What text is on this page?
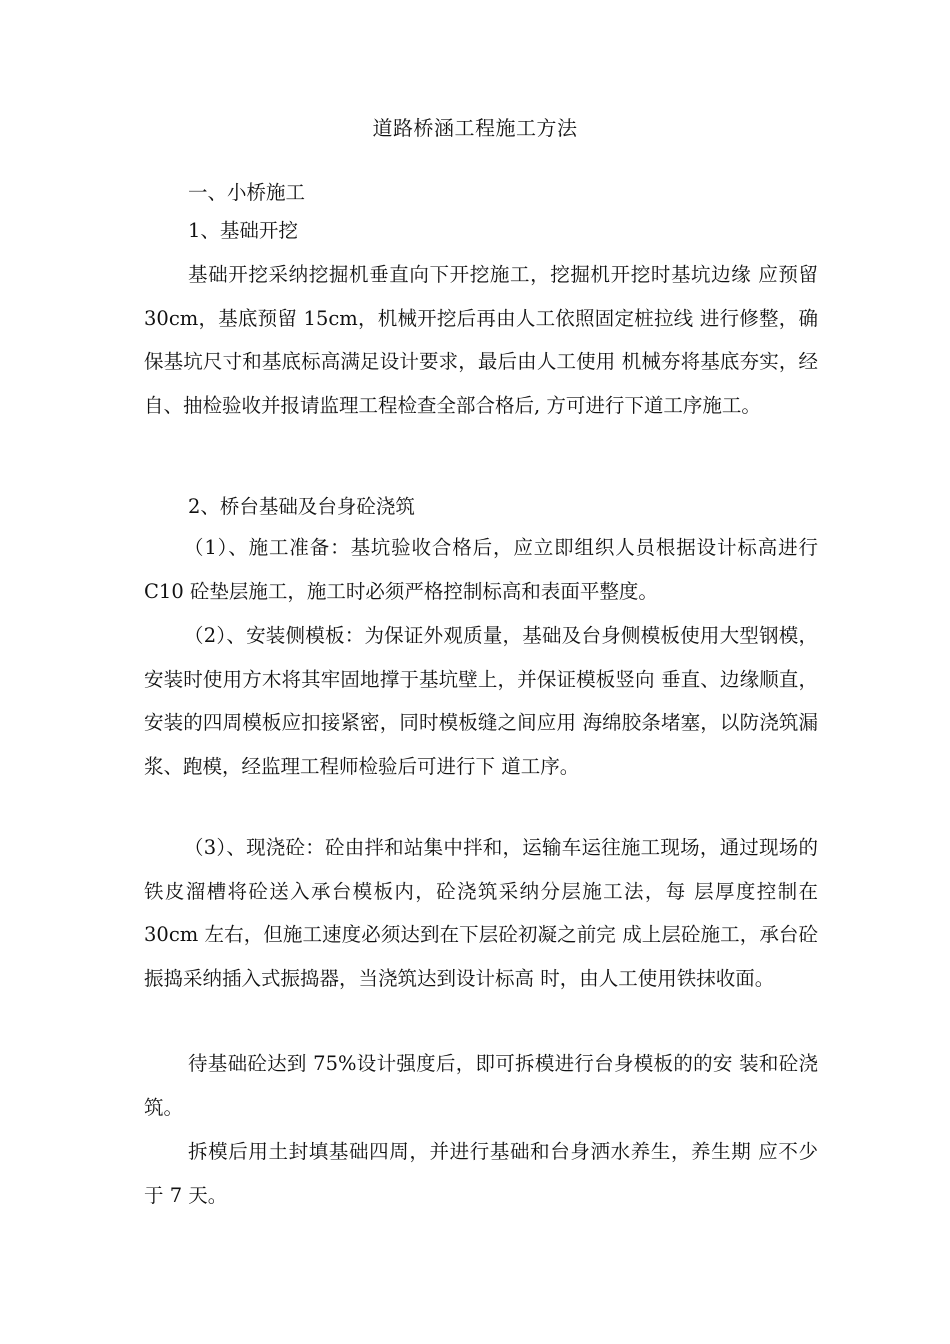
道路桥涵工程施工方法

一、小桥施工

1、基础开挖

基础开挖采纳挖掘机垂直向下开挖施工，挖掘机开挖时基坑边缘 应预留 30cm，基底预留 15cm，机械开挖后再由人工依照固定桩拉线 进行修整，确保基坑尺寸和基底标高满足设计要求，最后由人工使用 机械夯将基底夯实，经自、抽检验收并报请监理工程检查全部合格后, 方可进行下道工序施工。

2、桥台基础及台身砼浇筑

（1）、施工准备：基坑验收合格后，应立即组织人员根据设计标高进行 C10 砼垫层施工，施工时必须严格控制标高和表面平整度。

（2）、安装侧模板：为保证外观质量，基础及台身侧模板使用大型钢模，安装时使用方木将其牢固地撑于基坑壁上，并保证模板竖向 垂直、边缘顺直，安装的四周模板应扣接紧密，同时模板缝之间应用 海绵胶条堵塞，以防浇筑漏浆、跑模，经监理工程师检验后可进行下 道工序。

（3）、现浇砼：砼由拌和站集中拌和，运输车运往施工现场，通过现场的铁皮溜槽将砼送入承台模板内，砼浇筑采纳分层施工法，每 层厚度控制在 30cm 左右，但施工速度必须达到在下层砼初凝之前完 成上层砼施工，承台砼振捣采纳插入式振捣器，当浇筑达到设计标高 时，由人工使用铁抹收面。

待基础砼达到 75%设计强度后，即可拆模进行台身模板的的安 装和砼浇筑。

拆模后用土封填基础四周，并进行基础和台身洒水养生，养生期 应不少于 7 天。
